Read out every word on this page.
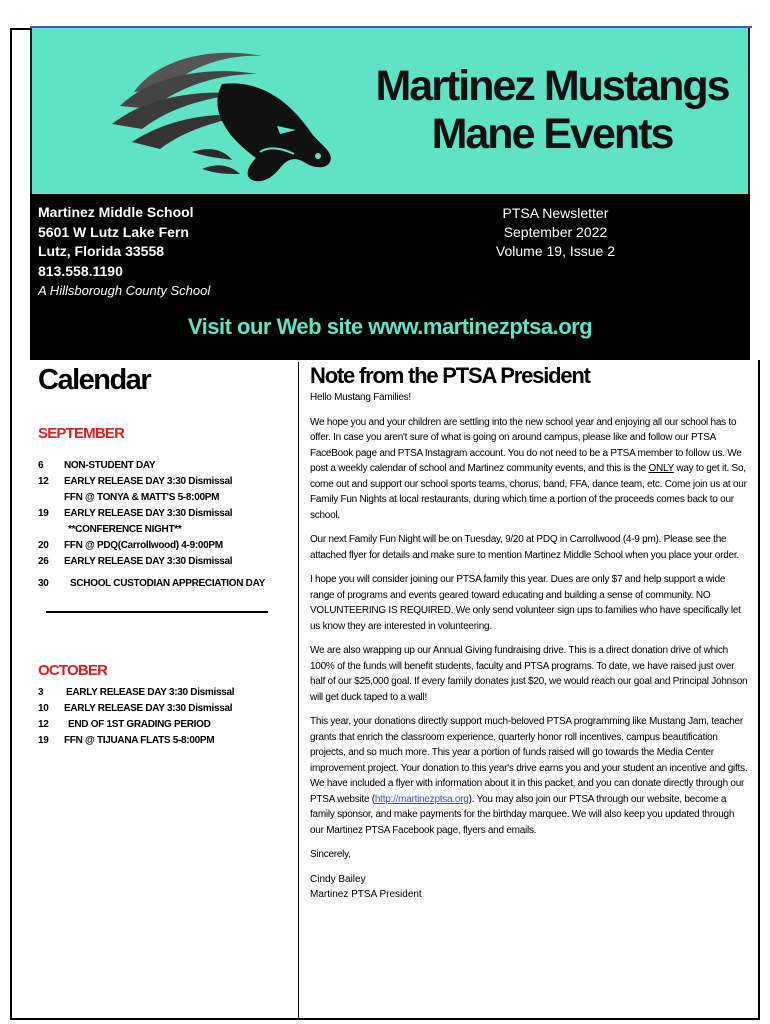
Martinez Mustangs
Mane Events
Martinez Middle School
5601 W Lutz Lake Fern
Lutz, Florida 33558
813.558.1190
A Hillsborough County School
PTSA Newsletter
September 2022
Volume 19, Issue 2
Visit our Web site www.martinezptsa.org
Calendar
SEPTEMBER
6 NON-STUDENT DAY
12 EARLY RELEASE DAY 3:30 Dismissal
FFN @ TONYA & MATT'S 5-8:00PM
19 EARLY RELEASE DAY 3:30 Dismissal
**CONFERENCE NIGHT**
20 FFN @ PDQ(Carrollwood) 4-9:00PM
26 EARLY RELEASE DAY 3:30 Dismissal
30 SCHOOL CUSTODIAN APPRECIATION DAY
OCTOBER
3 EARLY RELEASE DAY 3:30 Dismissal
10 EARLY RELEASE DAY 3:30 Dismissal
12 END OF 1ST GRADING PERIOD
19 FFN @ TIJUANA FLATS 5-8:00PM
Note from the PTSA President

Hello Mustang Families!

We hope you and your children are settling into the new school year and enjoying all our school has to offer. In case you aren't sure of what is going on around campus, please like and follow our PTSA FaceBook page and PTSA Instagram account. You do not need to be a PTSA member to follow us. We post a weekly calendar of school and Martinez community events, and this is the ONLY way to get it. So, come out and support our school sports teams, chorus, band, FFA, dance team, etc. Come join us at our Family Fun Nights at local restaurants, during which time a portion of the proceeds comes back to our school.

Our next Family Fun Night will be on Tuesday, 9/20 at PDQ in Carrollwood (4-9 pm). Please see the attached flyer for details and make sure to mention Martinez Middle School when you place your order.

I hope you will consider joining our PTSA family this year. Dues are only $7 and help support a wide range of programs and events geared toward educating and building a sense of community. NO VOLUNTEERING IS REQUIRED. We only send volunteer sign ups to families who have specifically let us know they are interested in volunteering.

We are also wrapping up our Annual Giving fundraising drive. This is a direct donation drive of which 100% of the funds will benefit students, faculty and PTSA programs. To date, we have raised just over half of our $25,000 goal. If every family donates just $20, we would reach our goal and Principal Johnson will get duck taped to a wall!

This year, your donations directly support much-beloved PTSA programming like Mustang Jam, teacher grants that enrich the classroom experience, quarterly honor roll incentives, campus beautification projects, and so much more. This year a portion of funds raised will go towards the Media Center improvement project. Your donation to this year's drive earns you and your student an incentive and gifts. We have included a flyer with information about it in this packet, and you can donate directly through our PTSA website (http://martinezptsa.org). You may also join our PTSA through our website, become a family sponsor, and make payments for the birthday marquee. We will also keep you updated through our Martinez PTSA Facebook page, flyers and emails.

Sincerely,

Cindy Bailey
Martinez PTSA President
